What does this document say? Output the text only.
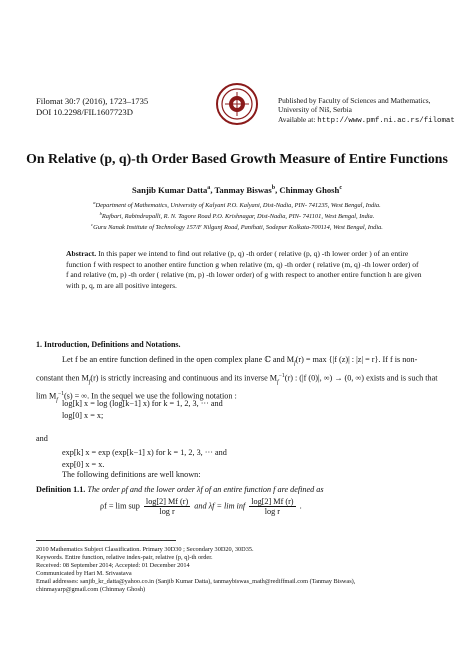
Filomat 30:7 (2016), 1723–1735
DOI 10.2298/FIL1607723D
Published by Faculty of Sciences and Mathematics,
University of Niš, Serbia
Available at: http://www.pmf.ni.ac.rs/filomat
On Relative (p, q)-th Order Based Growth Measure of Entire Functions
Sanjib Kumar Datta$^a$, Tanmay Biswas$^b$, Chinmay Ghosh$^c$
$^a$Department of Mathematics, University of Kalyani P.O. Kalyani, Dist-Nadia, PIN- 741235, West Bengal, India.
$^b$Rajbari, Rabindrapalli, R. N. Tagore Road P.O. Krishnagar, Dist-Nadia, PIN- 741101, West Bengal, India.
$^c$Guru Nanak Institute of Technology 157/F Nilgunj Road, Panihati, Sodepur Kolkata-700114, West Bengal, India.
Abstract. In this paper we intend to find out relative (p, q) -th order ( relative (p, q) -th lower order ) of an entire function f with respect to another entire function g when relative (m, q) -th order ( relative (m, q) -th lower order) of f and relative (m, p) -th order ( relative (m, p) -th lower order) of g with respect to another entire function h are given with p, q, m are all positive integers.
1. Introduction, Definitions and Notations.
Let f be an entire function defined in the open complex plane ℂ and $M_f(r) = \max \{|f$ (z)| : |z| = r}. If f is non-constant then $M_f(r)$ is strictly increasing and continuous and its inverse $M_f^{-1}(r)$ : (|f (0)|, ∞) → (0, ∞) exists and is such that $\lim M_f^{-1}(s)$ = ∞. In the sequel we use the following notation :
log[k] x = log (log[k−1] x) for k = 1, 2, 3, ··· and
log[0] x = x;
and
exp[k] x = exp (exp[k−1] x) for k = 1, 2, 3, ··· and
exp[0] x = x.
The following definitions are well known:
Definition 1.1. The order ρf and the lower order λf of an entire function f are defined as
ρf = lim sup $\frac{\log[2] Mf (r)}{\text{log r}}$ and λf = lim inf $\frac{\log[2] Mf (r)}{\text{log r}}$ .
2010 Mathematics Subject Classification. Primary 30D30 ; Secondary 30D20, 30D35.
Keywords. Entire function, relative index-pair, relative (p, q)-th order.
Received: 08 September 2014; Accepted: 01 December 2014
Communicated by Hari M. Srivastava
Email addresses: sanjib_kr_datta@yahoo.co.in (Sanjib Kumar Datta), tanmaybiswas_math@rediffmail.com (Tanmay Biswas),
chinmayarp@gmail.com (Chinmay Ghosh)
